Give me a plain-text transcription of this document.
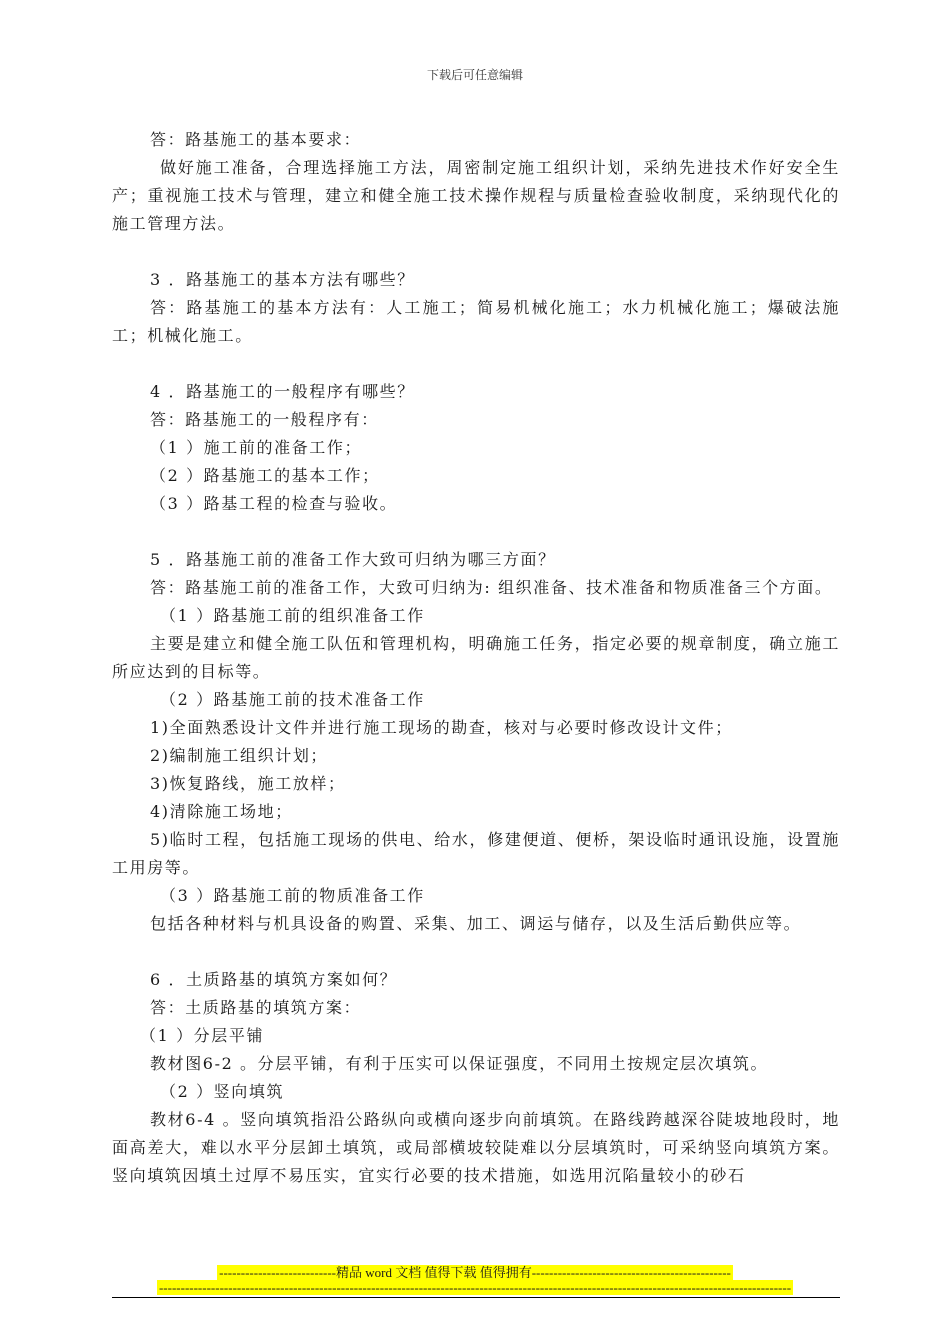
下载后可任意编辑
答：路基施工的基本要求：
做好施工准备，合理选择施工方法，周密制定施工组织计划，采纳先进技术作好安全生产；重视施工技术与管理，建立和健全施工技术操作规程与质量检查验收制度，采纳现代化的施工管理方法。
3 ．路基施工的基本方法有哪些？
答：路基施工的基本方法有：人工施工；简易机械化施工；水力机械化施工；爆破法施工；机械化施工。
4 ．路基施工的一般程序有哪些？
答：路基施工的一般程序有：
（1 ）施工前的准备工作；
（2 ）路基施工的基本工作；
（3 ）路基工程的检查与验收。
5 ．路基施工前的准备工作大致可归纳为哪三方面？
答：路基施工前的准备工作，大致可归纳为: 组织准备、技术准备和物质准备三个方面。
（1 ）路基施工前的组织准备工作
主要是建立和健全施工队伍和管理机构，明确施工任务，指定必要的规章制度，确立施工所应达到的目标等。
（2 ）路基施工前的技术准备工作
1)全面熟悉设计文件并进行施工现场的勘查，核对与必要时修改设计文件；
2)编制施工组织计划；
3)恢复路线，施工放样；
4)清除施工场地；
5)临时工程，包括施工现场的供电、给水，修建便道、便桥，架设临时通讯设施，设置施工用房等。
（3 ）路基施工前的物质准备工作
包括各种材料与机具设备的购置、采集、加工、调运与储存，以及生活后勤供应等。
6 ．土质路基的填筑方案如何？
答：土质路基的填筑方案：
（1 ）分层平铺
教材图6-2 。分层平铺，有利于压实可以保证强度，不同用土按规定层次填筑。
（2 ）竖向填筑
教材6-4 。竖向填筑指沿公路纵向或横向逐步向前填筑。在路线跨越深谷陡坡地段时，地面高差大，难以水平分层卸土填筑，或局部横坡较陡难以分层填筑时，可采纳竖向填筑方案。竖向填筑因填土过厚不易压实，宜实行必要的技术措施，如选用沉陷量较小的砂石
---------------------------精品 word 文档 值得下载 值得拥有----------------------------------------------
--------------------------------------------------------------------------------------------------------------------------------------------------
